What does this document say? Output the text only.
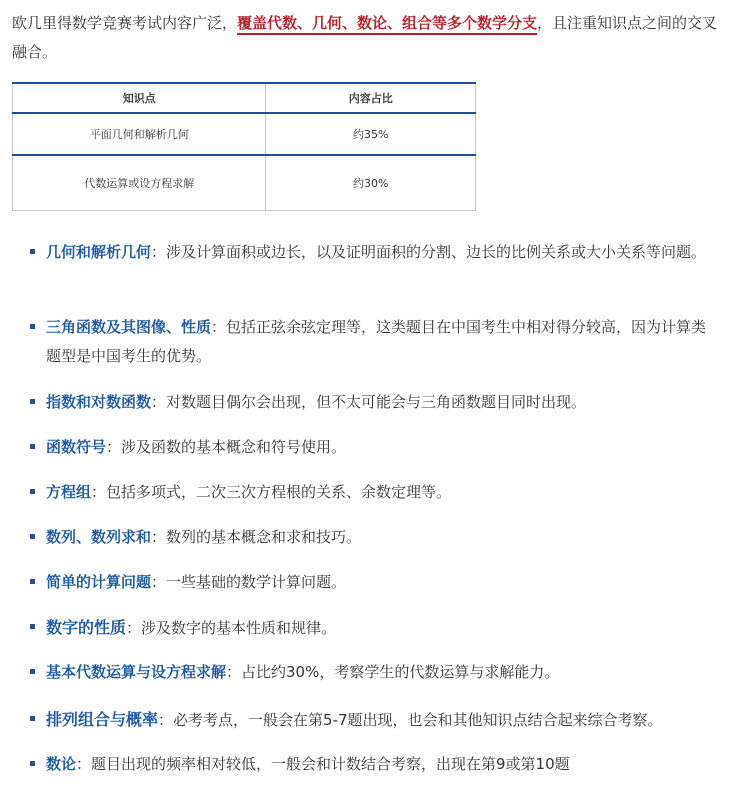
欧几里得数学竞赛考试内容广泛，覆盖代数、几何、数论、组合等多个数学分支，且注重知识点之间的交叉融合。
知识点	内容占比
平面几何和解析几何	约35%
代数运算或设方程求解	约30%
几何和解析几何：涉及计算面积或边长，以及证明面积的分割、边长的比例关系或大小关系等问题。
三角函数及其图像、性质：包括正弦余弦定理等，这类题目在中国考生中相对得分较高，因为计算类题型是中国考生的优势。
指数和对数函数：对数题目偶尔会出现，但不太可能会与三角函数题目同时出现。
函数符号：涉及函数的基本概念和符号使用。
方程组：包括多项式，二次三次方程根的关系、余数定理等。
数列、数列求和：数列的基本概念和求和技巧。
简单的计算问题：一些基础的数学计算问题。
数字的性质：涉及数字的基本性质和规律。
基本代数运算与设方程求解：占比约30%，考察学生的代数运算与求解能力。
排列组合与概率：必考考点，一般会在第5-7题出现，也会和其他知识点结合起来综合考察。
数论：题目出现的频率相对较低，一般会和计数结合考察，出现在第9或第10题
